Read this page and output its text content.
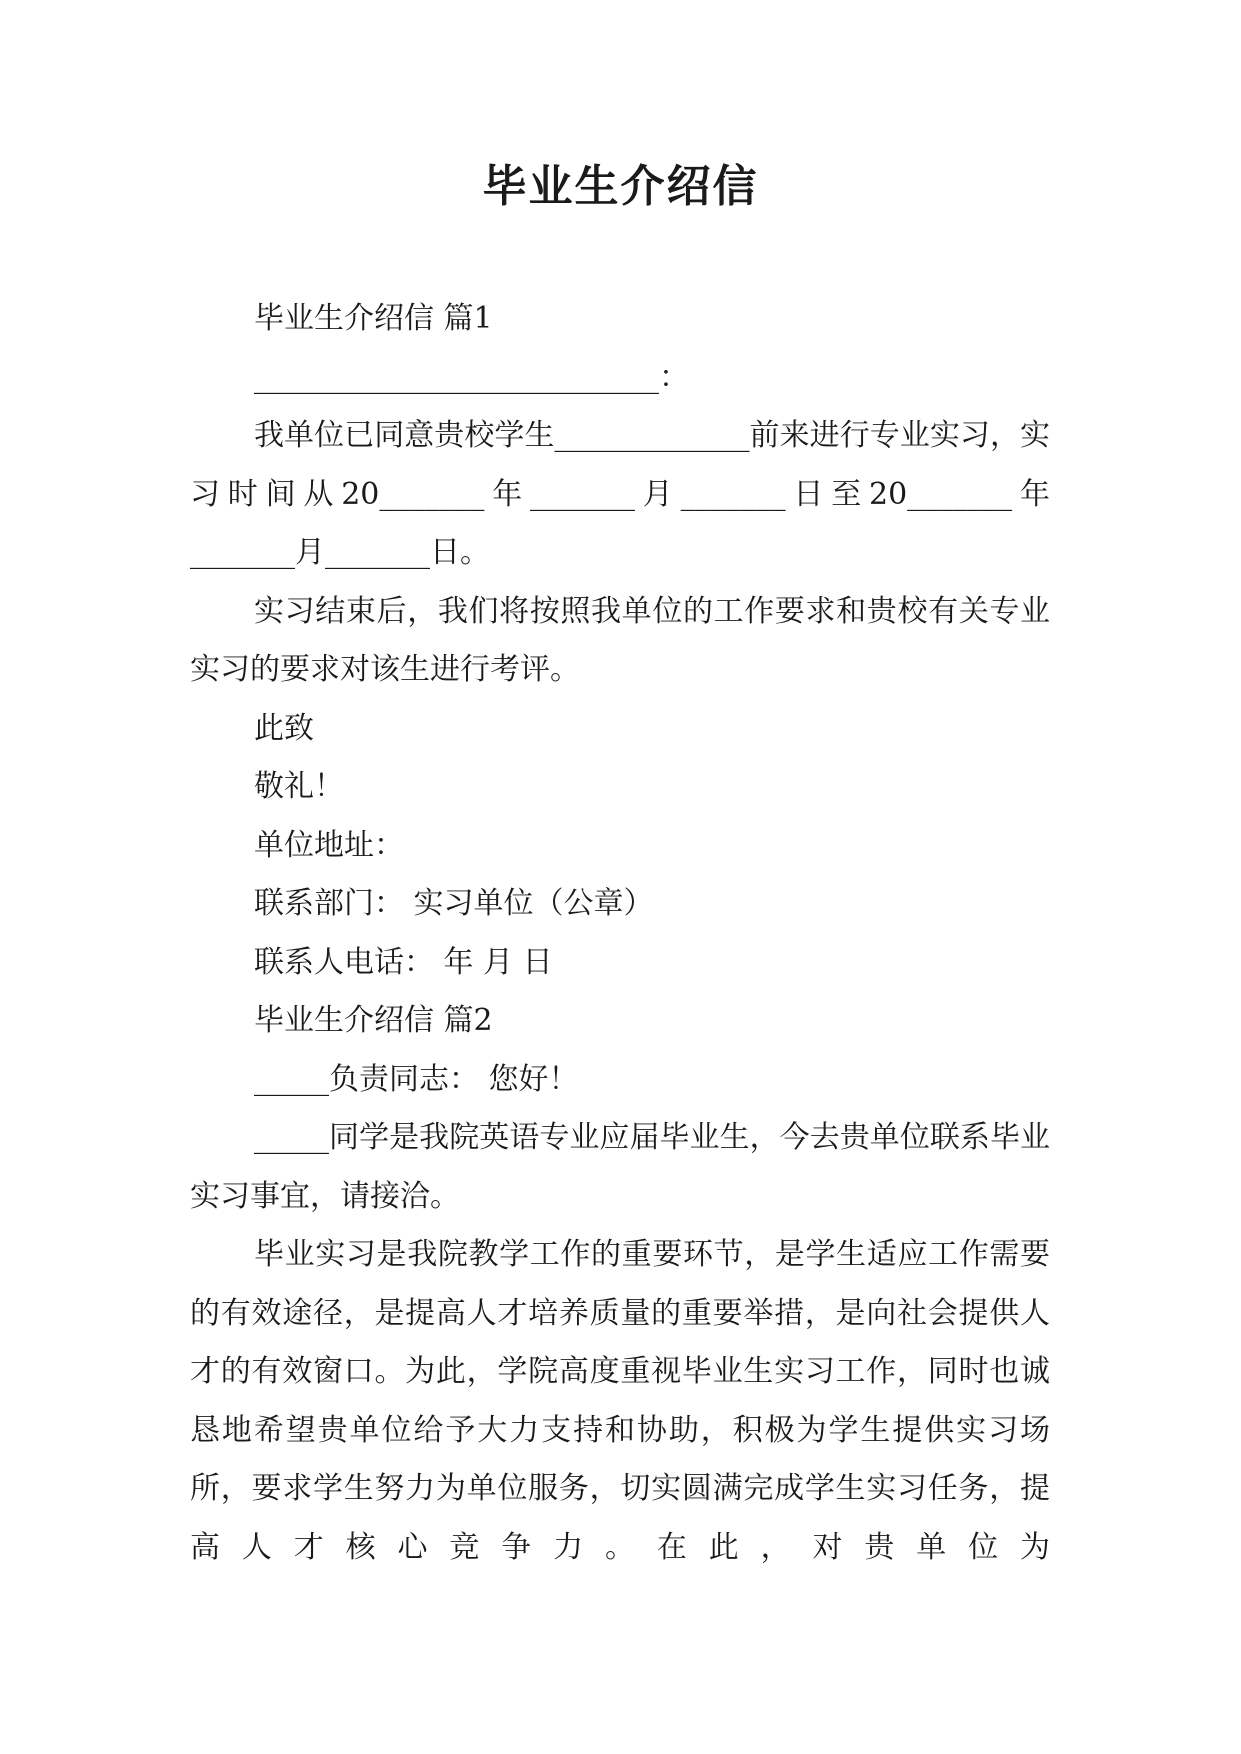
毕业生介绍信

毕业生介绍信 篇1

___________________________：

我单位已同意贵校学生_____________前来进行专业实习，实习时间从20_______年_______月_______日至20_______年_______月_______日。

实习结束后，我们将按照我单位的工作要求和贵校有关专业实习的要求对该生进行考评。

此致

敬礼！

单位地址：

联系部门： 实习单位（公章）

联系人电话： 年 月 日

毕业生介绍信 篇2

_____负责同志： 您好！

_____同学是我院英语专业应届毕业生，今去贵单位联系毕业实习事宜，请接洽。

毕业实习是我院教学工作的重要环节，是学生适应工作需要的有效途径，是提高人才培养质量的重要举措，是向社会提供人才的有效窗口。为此，学院高度重视毕业生实习工作，同时也诚恳地希望贵单位给予大力支持和协助，积极为学生提供实习场所，要求学生努力为单位服务，切实圆满完成学生实习任务，提高人才核心竞争力。在此，对贵单位为
